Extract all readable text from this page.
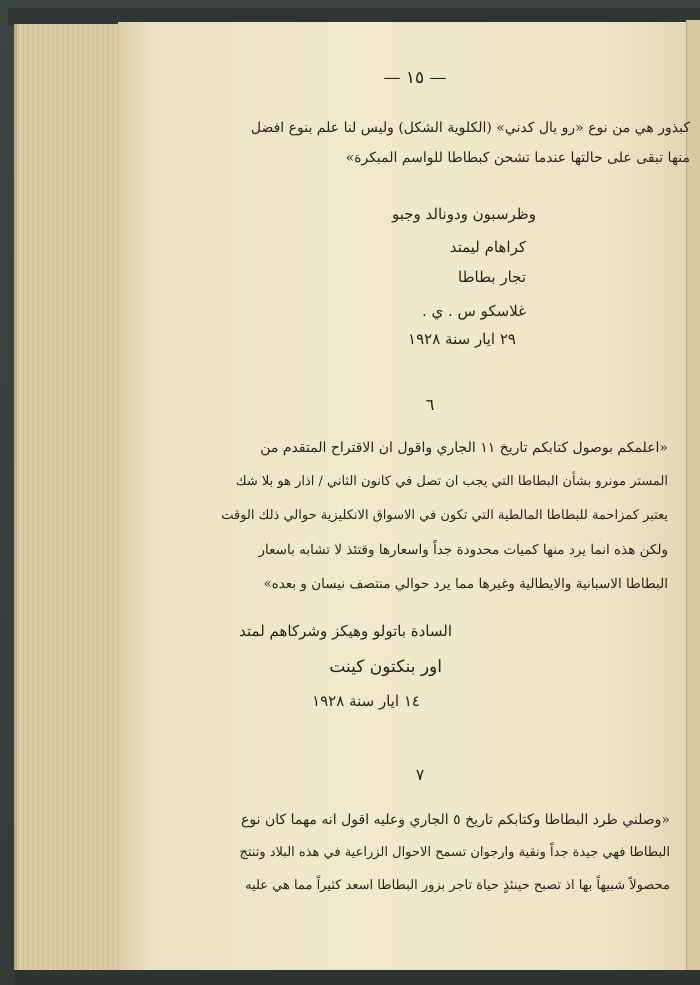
— ١٥ —
كبذور هي من نوع «رو يال كدني» (الكلوية الشكل) وليس لنا علم بنوع افضل
منها تبقى على حالتها عندما تشحن كبطاطا للواسم المبكرة»
وظرسبون ودونالد وجبو
كراهام ليمتد
تجار بطاطا
غلاسكو س . ي .
٢٩ ايار سنة ١٩٢٨
٦
«اعلمكم بوصول كتابكم تاريخ ١١ الجاري واقول ان الاقتراح المتقدم من
المستر مونرو بشأن البطاطا التي يجب ان تصل في كانون الثاني / اذار هو بلا شك
يعتبر كمزاحمة للبطاطا المالطية التي تكون في الاسواق الانكليزية حوالي ذلك الوقت
ولكن هذه انما يرد منها كميات محدودة جداً واسعارها وقتئذ لا تشابه باسعار
البطاطا الاسبانية والايطالية وغيرها مما يرد حوالي منتصف نيسان و بعده»
السادة باتولو وهيكز وشركاهم لمتد
اور بنكتون كينت
١٤ ايار سنة ١٩٢٨
٧
«وصلني طرد البطاطا وكتابكم تاريخ ٥ الجاري وعليه اقول انه مهما كان نوع
البطاطا فهي جيدة جداً ونقية وارجوان تسمح الاحوال الزراعية في هذه البلاد وتنتج
محصولاً شبيهاً بها اذ تصبح حينئذٍ حياة تاجر بزور البطاطا اسعد كثيراً مما هي عليه
